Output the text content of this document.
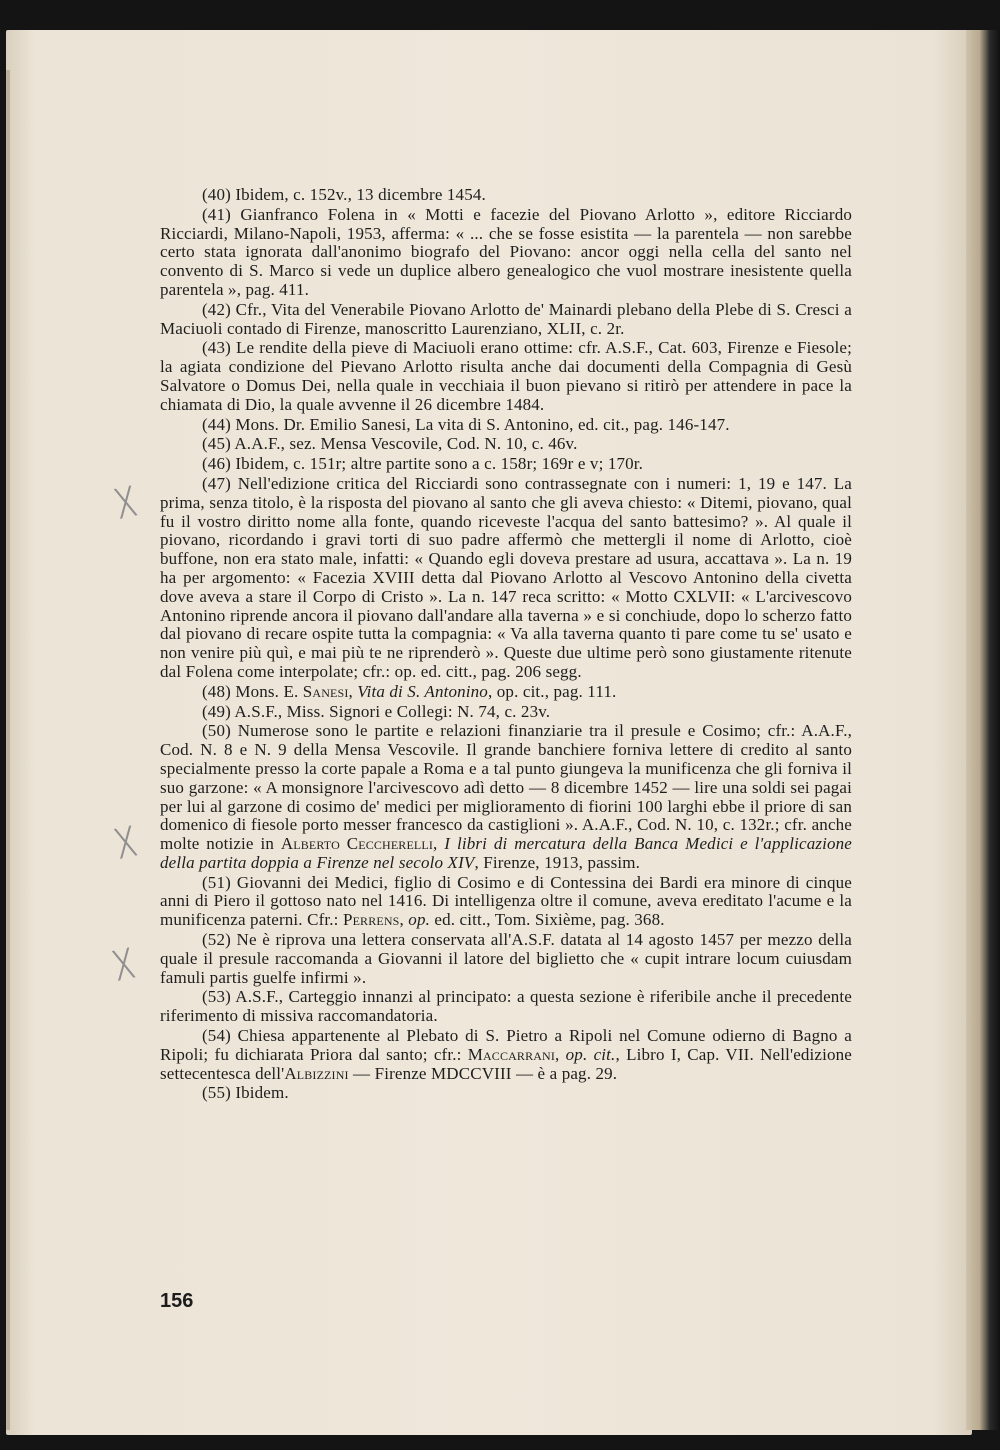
╳
╳
╳

(40) Ibidem, c. 152v., 13 dicembre 1454.

(41) Gianfranco Folena in « Motti e facezie del Piovano Arlotto », editore Ricciardo Ricciardi, Milano-Napoli, 1953, afferma: « ... che se fosse esistita — la parentela — non sarebbe certo stata ignorata dall'anonimo biografo del Piovano: ancor oggi nella cella del santo nel convento di S. Marco si vede un duplice albero genealogico che vuol mostrare inesistente quella parentela », pag. 411.

(42) Cfr., Vita del Venerabile Piovano Arlotto de' Mainardi plebano della Plebe di S. Cresci a Maciuoli contado di Firenze, manoscritto Laurenziano, XLII, c. 2r.

(43) Le rendite della pieve di Maciuoli erano ottime: cfr. A.S.F., Cat. 603, Firenze e Fiesole; la agiata condizione del Pievano Arlotto risulta anche dai documenti della Compagnia di Gesù Salvatore o Domus Dei, nella quale in vecchiaia il buon pievano si ritirò per attendere in pace la chiamata di Dio, la quale avvenne il 26 dicembre 1484.

(44) Mons. Dr. Emilio Sanesi, La vita di S. Antonino, ed. cit., pag. 146-147.

(45) A.A.F., sez. Mensa Vescovile, Cod. N. 10, c. 46v.

(46) Ibidem, c. 151r; altre partite sono a c. 158r; 169r e v; 170r.

(47) Nell'edizione critica del Ricciardi sono contrassegnate con i numeri: 1, 19 e 147. La prima, senza titolo, è la risposta del piovano al santo che gli aveva chiesto: « Ditemi, piovano, qual fu il vostro diritto nome alla fonte, quando riceveste l'acqua del santo battesimo? ». Al quale il piovano, ricordando i gravi torti di suo padre affermò che mettergli il nome di Arlotto, cioè buffone, non era stato male, infatti: « Quando egli doveva prestare ad usura, accattava ». La n. 19 ha per argomento: « Facezia XVIII detta dal Piovano Arlotto al Vescovo Antonino della civetta dove aveva a stare il Corpo di Cristo ». La n. 147 reca scritto: « Motto CXLVII: « L'arcivescovo Antonino riprende ancora il piovano dall'andare alla taverna » e si conchiude, dopo lo scherzo fatto dal piovano di recare ospite tutta la compagnia: « Va alla taverna quanto ti pare come tu se' usato e non venire più quì, e mai più te ne riprenderò ». Queste due ultime però sono giustamente ritenute dal Folena come interpolate; cfr.: op. ed. citt., pag. 206 segg.

(48) Mons. E. Sanesi, Vita di S. Antonino, op. cit., pag. 111.

(49) A.S.F., Miss. Signori e Collegi: N. 74, c. 23v.

(50) Numerose sono le partite e relazioni finanziarie tra il presule e Cosimo; cfr.: A.A.F., Cod. N. 8 e N. 9 della Mensa Vescovile. Il grande banchiere forniva lettere di credito al santo specialmente presso la corte papale a Roma e a tal punto giungeva la munificenza che gli forniva il suo garzone: « A monsignore l'arcivescovo adì detto — 8 dicembre 1452 — lire una soldi sei pagai per lui al garzone di cosimo de' medici per miglioramento di fiorini 100 larghi ebbe il priore di san domenico di fiesole porto messer francesco da castiglioni ». A.A.F., Cod. N. 10, c. 132r.; cfr. anche molte notizie in Alberto Ceccherelli, I libri di mercatura della Banca Medici e l'applicazione della partita doppia a Firenze nel secolo XIV, Firenze, 1913, passim.

(51) Giovanni dei Medici, figlio di Cosimo e di Contessina dei Bardi era minore di cinque anni di Piero il gottoso nato nel 1416. Di intelligenza oltre il comune, aveva ereditato l'acume e la munificenza paterni. Cfr.: Perrens, op. ed. citt., Tom. Sixième, pag. 368.

(52) Ne è riprova una lettera conservata all'A.S.F. datata al 14 agosto 1457 per mezzo della quale il presule raccomanda a Giovanni il latore del biglietto che « cupit intrare locum cuiusdam famuli partis guelfe infirmi ».

(53) A.S.F., Carteggio innanzi al principato: a questa sezione è riferibile anche il precedente riferimento di missiva raccomandatoria.

(54) Chiesa appartenente al Plebato di S. Pietro a Ripoli nel Comune odierno di Bagno a Ripoli; fu dichiarata Priora dal santo; cfr.: Maccarrani, op. cit., Libro I, Cap. VII. Nell'edizione settecentesca dell'Albizzini — Firenze MDCCVIII — è a pag. 29.

(55) Ibidem.

156
